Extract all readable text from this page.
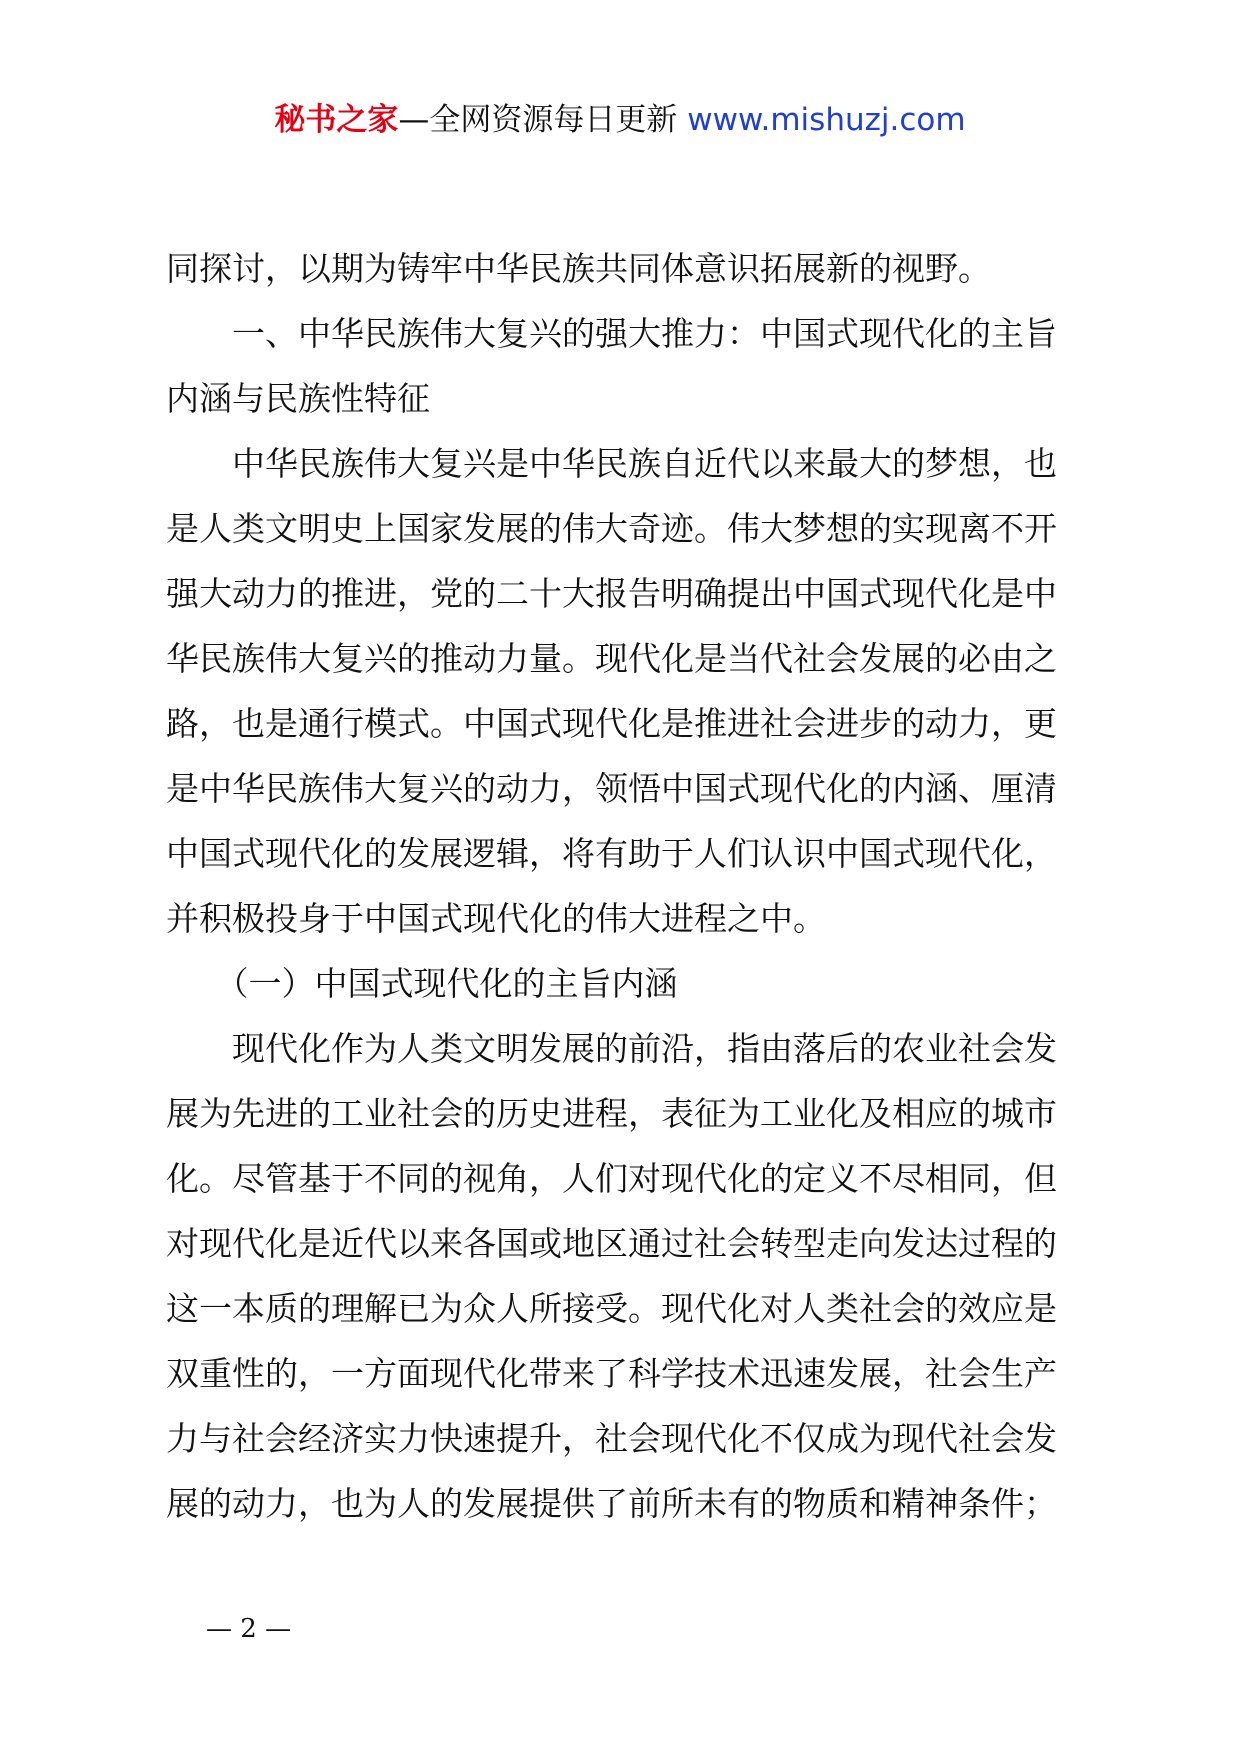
秘书之家—全网资源每日更新 www.mishuzj.com
同探讨，以期为铸牢中华民族共同体意识拓展新的视野。
　　一、中华民族伟大复兴的强大推力：中国式现代化的主旨
内涵与民族性特征
　　中华民族伟大复兴是中华民族自近代以来最大的梦想，也
是人类文明史上国家发展的伟大奇迹。伟大梦想的实现离不开
强大动力的推进，党的二十大报告明确提出中国式现代化是中
华民族伟大复兴的推动力量。现代化是当代社会发展的必由之
路，也是通行模式。中国式现代化是推进社会进步的动力，更
是中华民族伟大复兴的动力，领悟中国式现代化的内涵、厘清
中国式现代化的发展逻辑，将有助于人们认识中国式现代化，
并积极投身于中国式现代化的伟大进程之中。
　　（一）中国式现代化的主旨内涵
　　现代化作为人类文明发展的前沿，指由落后的农业社会发
展为先进的工业社会的历史进程，表征为工业化及相应的城市
化。尽管基于不同的视角，人们对现代化的定义不尽相同，但
对现代化是近代以来各国或地区通过社会转型走向发达过程的
这一本质的理解已为众人所接受。现代化对人类社会的效应是
双重性的，一方面现代化带来了科学技术迅速发展，社会生产
力与社会经济实力快速提升，社会现代化不仅成为现代社会发
展的动力，也为人的发展提供了前所未有的物质和精神条件；
— 2 —
